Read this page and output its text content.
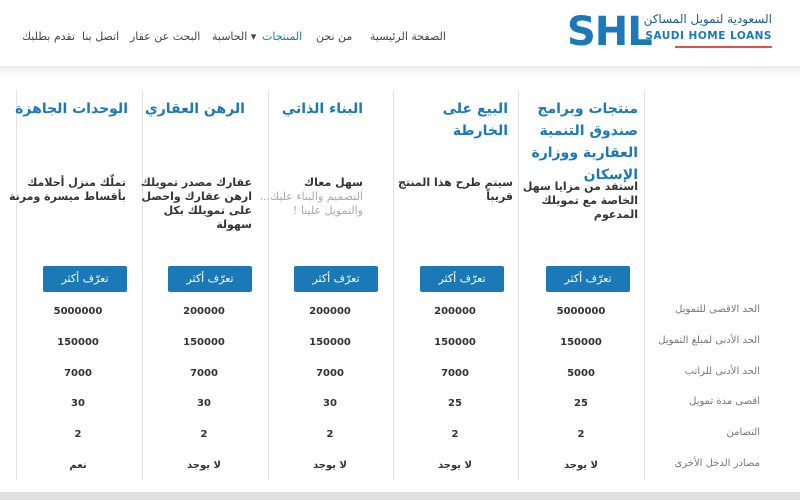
SHL
السعودية لتمويل المساكن
SAUDI HOME LOANS
الصفحة الرئيسية
من نحن
المنتجات
▾ الحاسبة
البحث عن عقار
اتصل بنا
تقدم بطلبك
منتجات وبرامج صندوق التنمية العقارية ووزارة الإسكان
استفد من مزايا سهل الخاصة مع تمويلك المدعوم
تعرّف أكثر
البيع على الخارطة
سيتم طرح هذا المنتج قريباً
تعرّف أكثر
البناء الذاتي
سهل معاك
التصميم والبناء عليك... والتمويل علينا !
تعرّف أكثر
الرهن العقاري
عقارك مصدر تمويلك ارهن عقارك واحصل على تمويلك بكل سهولة
تعرّف أكثر
الوحدات الجاهزة
تملّك منزل أحلامك بأقساط ميسرة ومرنة
تعرّف أكثر
الحد الاقصى للتمويل
الحد الأدنى لمبلغ التمويل
الحد الأدنى للراتب
اقصى مدة تمويل
التضامن
مصادر الدخل الأخرى
5000000
150000
5000
25
2
لا يوجد
200000
150000
7000
25
2
لا يوجد
200000
150000
7000
30
2
لا يوجد
200000
150000
7000
30
2
لا يوجد
5000000
150000
7000
30
2
نعم
